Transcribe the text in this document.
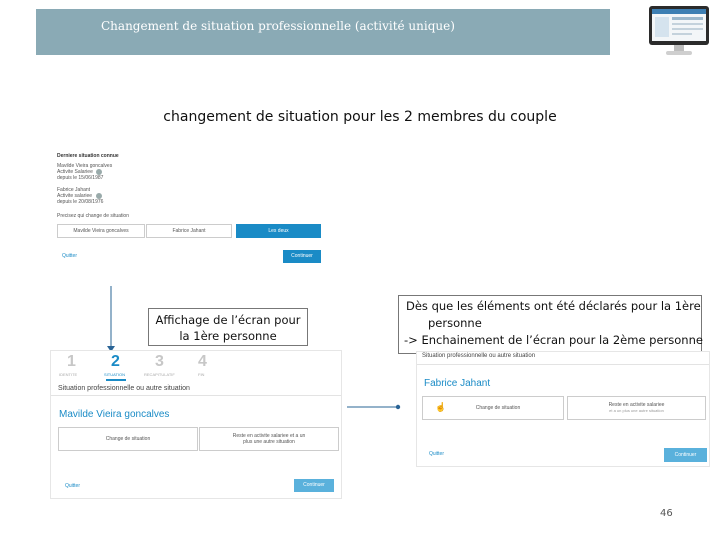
Changement de situation professionnelle (activité unique)
changement de situation pour les 2 membres du couple
Derniere situation connue
Mavilde Vieira goncalves
Activite Salariee
depuis le 15/06/1987
Fabrice Jahant
Activite salariee
depuis le 20/08/1976
Precisez qui change de situation
Mavilde Vieira goncalves	Fabrice Jahant	Les deux
Quitter	Continuer
Affichage de l’écran pour la 1ère personne
Dès que les éléments ont été déclarés pour la 1ère
personne
-> Enchainement de l’écran pour la 2ème personne
1
IDENTITE
2
SITUATION
3
RECAPITULATIF
4
FIN
Situation professionnelle ou autre situation
Mavilde Vieira goncalves
Change de situation	Reste en activite salariee et a un plus une autre situation
Quitter	Continuer
Situation professionnelle ou autre situation
Fabrice Jahant
☝	Change de situation	Reste en activite salariee
et a un plus une autre situation
Quitter	Continuer
46
